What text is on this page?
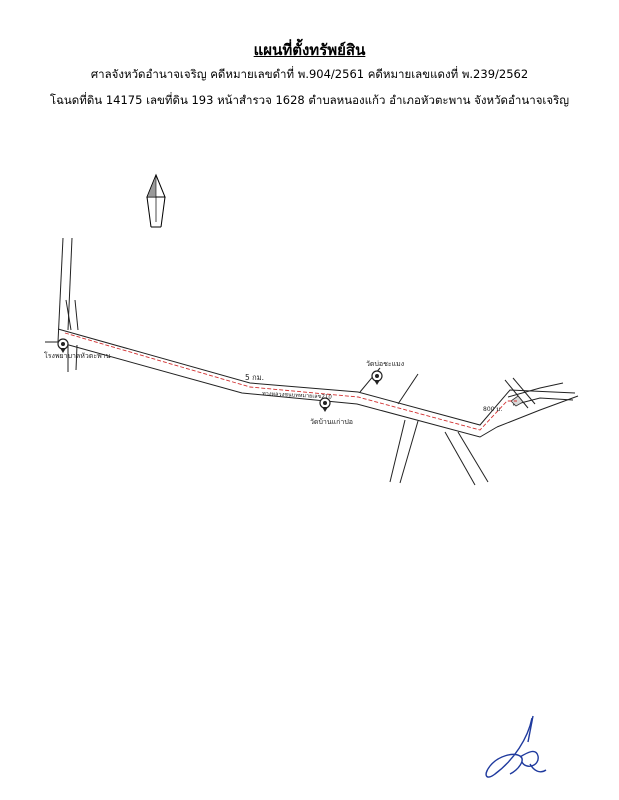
แผนที่ตั้งทรัพย์สิน
ศาลจังหวัดอำนาจเจริญ คดีหมายเลขดำที่ พ.904/2561 คดีหมายเลขแดงที่ พ.239/2562
โฉนดที่ดิน 14175 เลขที่ดิน 193 หน้าสำรวจ 1628 ตำบลหนองแก้ว อำเภอหัวตะพาน จังหวัดอำนาจเจริญ
โรงพยาบาลหัวตะพาน
วัดบ่อชะแมง
วัดบ้านแก่าปอ
5 กม.
800 ม.
ทางหลวงชนบทหมายเลข210
